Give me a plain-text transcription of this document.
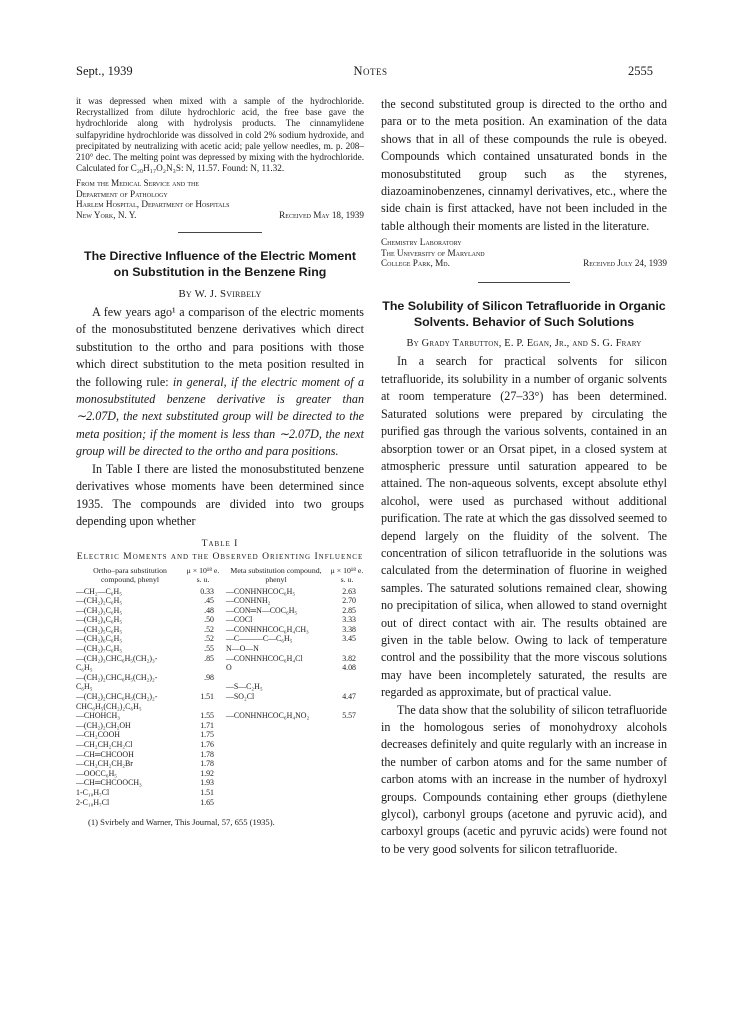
Sept., 1939	Notes	2555

it was depressed when mixed with a sample of the hydrochloride. Recrystallized from dilute hydrochloric acid, the free base gave the hydrochloride along with hydrolysis products. The cinnamylidene sulfapyridine hydrochloride was dissolved in cold 2% sodium hydroxide, and precipitated by neutralizing with acetic acid; pale yellow needles, m. p. 208–210° dec. The melting point was depressed by mixing with the hydrochloride. Calculated for C₂₀H₁₇O₂N₃S: N, 11.57. Found: N, 11.32.

From the Medical Service and the
Department of Pathology
Harlem Hospital, Department of Hospitals
New York, N. Y.	Received May 18, 1939
The Directive Influence of the Electric Moment on Substitution in the Benzene Ring
By W. J. Svirbely

A few years ago¹ a comparison of the electric moments of the monosubstituted benzene derivatives which direct substitution to the ortho and para positions with those which direct substitution to the meta position resulted in the following rule: in general, if the electric moment of a monosubstituted benzene derivative is greater than ∼2.07D, the next substituted group will be directed to the meta position; if the moment is less than ∼2.07D, the next group will be directed to the ortho and para positions.

In Table I there are listed the monosubstituted benzene derivatives whose moments have been determined since 1935. The compounds are divided into two groups depending upon whether

Table I
Electric Moments and the Observed Orienting Influence
Ortho–para substitution compound, phenyl	μ × 10¹⁸ e. s. u.	Meta substitution compound, phenyl	μ × 10¹⁸ e. s. u.
—CH₂—C₆H₅	0.33	—CONHNHCOC₆H₅	2.63
—(CH₂)₂C₆H₅	.45	—CONHNH₂	2.70
—(CH₂)₃C₆H₅	.48	—CON═N—COC₆H₅	2.85
—(CH₂)₄C₆H₅	.50	—COCl	3.33
—(CH₂)₅C₆H₅	.52	—CONHNHCOC₆H₄CH₃	3.38
—(CH₂)₆C₆H₅	.52	—C———C—C₆H₅	3.45
—(CH₂)₇C₆H₅	.55	N—O—N	
—(CH₂)₃CHC₆H₅(CH₂)₃-	.85	—CONHNHCOC₆H₄Cl	3.82
C₆H₅		O	4.08
—(CH₂)₂CHC₆H₅(CH₂)₂-	.98		
C₆H₅		—S—C₂H₅	
—(CH₂)₂CHC₆H₅(CH₂)₂-	1.51	—SO₂Cl	4.47
CHC₆H₅(CH₂)₂C₆H₅			
—CHOHCH₃	1.55	—CONHNHCOC₆H₄NO₂	5.57
—(CH₂)₂CH₂OH	1.71		
—CH₂COOH	1.75		
—CH₂CH₂CH₂Cl	1.76		
—CH═CHCOOH	1.78		
—CH₂CH₂CH₂Br	1.78		
—OOCC₆H₅	1.92		
—CH═CHCOOCH₃	1.93		
1-C₁₀H₇Cl	1.51		
2-C₁₀H₇Cl	1.65		
(1) Svirbely and Warner, This Journal, 57, 655 (1935).

the second substituted group is directed to the ortho and para or to the meta position. An examination of the data shows that in all of these compounds the rule is obeyed. Compounds which contained unsaturated bonds in the monosubstituted group such as the styrenes, diazoaminobenzenes, cinnamyl derivatives, etc., where the side chain is first attacked, have not been included in the table although their moments are listed in the literature.

Chemistry Laboratory
The University of Maryland
College Park, Md.	Received July 24, 1939
The Solubility of Silicon Tetrafluoride in Organic Solvents. Behavior of Such Solutions
By Grady Tarbutton, E. P. Egan, Jr., and S. G. Frary

In a search for practical solvents for silicon tetrafluoride, its solubility in a number of organic solvents at room temperature (27–33°) has been determined. Saturated solutions were prepared by circulating the purified gas through the various solvents, contained in an absorption tower or an Orsat pipet, in a closed system at atmospheric pressure until saturation appeared to be attained. The non-aqueous solvents, except absolute ethyl alcohol, were used as purchased without additional purification. The rate at which the gas dissolved seemed to depend largely on the fluidity of the solvent. The concentration of silicon tetrafluoride in the solutions was calculated from the determination of fluorine in weighed samples. The saturated solutions remained clear, showing no precipitation of silica, when allowed to stand overnight out of direct contact with air. The results obtained are given in the table below. Owing to lack of temperature control and the possibility that the more viscous solutions may have been incompletely saturated, the results are regarded as approximate, but of practical value.

The data show that the solubility of silicon tetrafluoride in the homologous series of monohydroxy alcohols decreases definitely and quite regularly with an increase in the number of carbon atoms and for the same number of carbon atoms with an increase in the number of hydroxyl groups. Compounds containing ether groups (diethylene glycol), carbonyl groups (acetone and pyruvic acid), and carboxyl groups (acetic and pyruvic acids) were found not to be very good solvents for silicon tetrafluoride.
